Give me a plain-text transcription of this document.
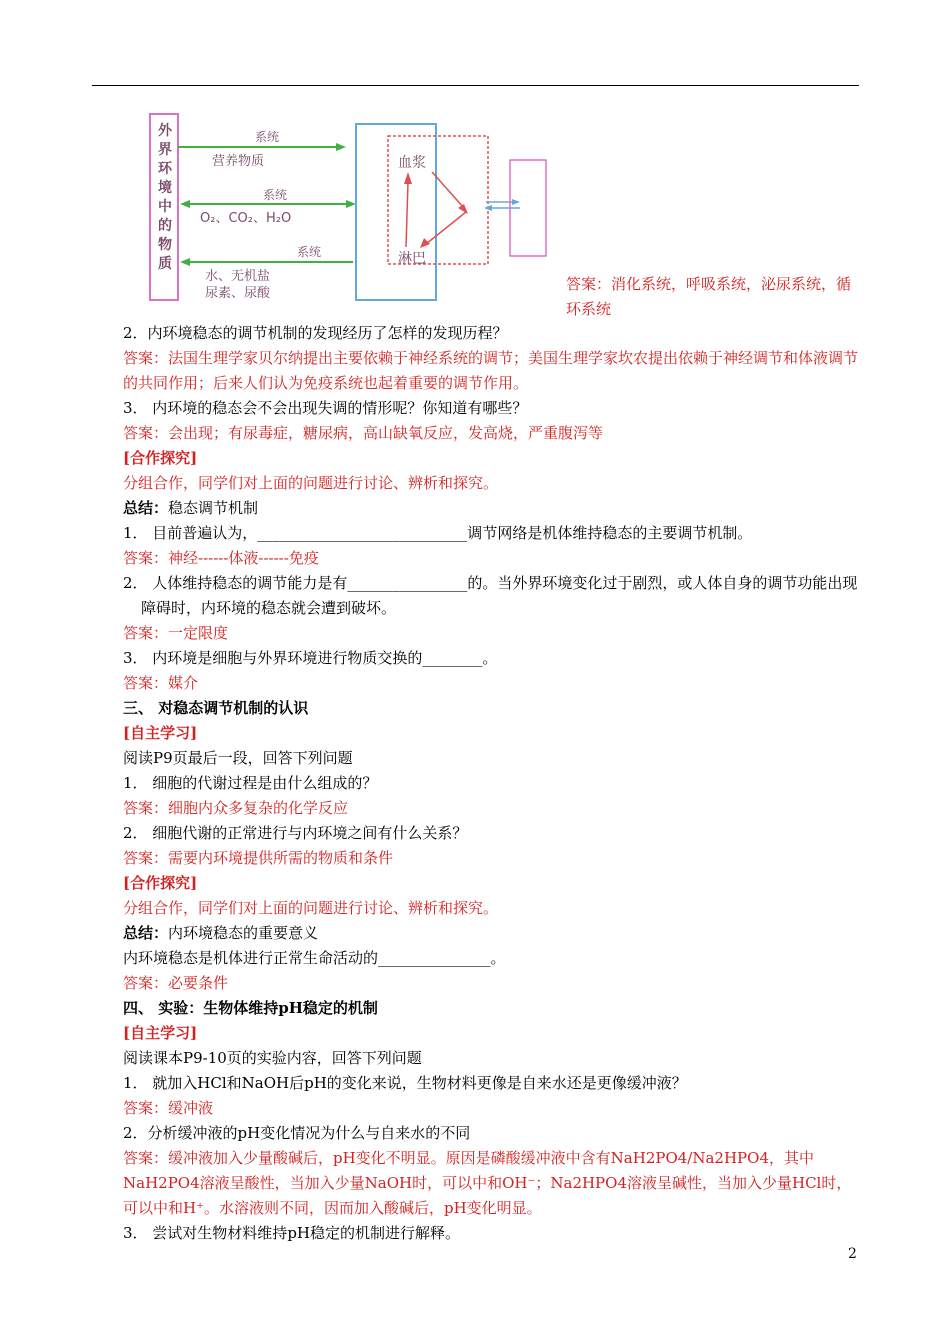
外界环境中的物质
系统
营养物质
系统
O₂、CO₂、H₂O
系统
水、无机盐
尿素、尿酸
血浆
淋巴
答案：消化系统，呼吸系统，泌尿系统，循环系统
2．内环境稳态的调节机制的发现经历了怎样的发现历程？
答案：法国生理学家贝尔纳提出主要依赖于神经系统的调节；美国生理学家坎农提出依赖于神经调节和体液调节的共同作用；后来人们认为免疫系统也起着重要的调节作用。
3． 内环境的稳态会不会出现失调的情形呢？你知道有哪些？
答案：会出现；有尿毒症，糖尿病，高山缺氧反应，发高烧，严重腹泻等
[合作探究]
分组合作，同学们对上面的问题进行讨论、辨析和探究。
总结：稳态调节机制
1． 目前普遍认为，____________________________调节网络是机体维持稳态的主要调节机制。
答案：神经------体液------免疫
2． 人体维持稳态的调节能力是有________________的。当外界环境变化过于剧烈，或人体自身的调节功能出现障碍时，内环境的稳态就会遭到破坏。
答案：一定限度
3． 内环境是细胞与外界环境进行物质交换的________。
答案：媒介
三、 对稳态调节机制的认识
[自主学习]
阅读P9页最后一段，回答下列问题
1． 细胞的代谢过程是由什么组成的？
答案：细胞内众多复杂的化学反应
2． 细胞代谢的正常进行与内环境之间有什么关系？
答案：需要内环境提供所需的物质和条件
[合作探究]
分组合作，同学们对上面的问题进行讨论、辨析和探究。
总结：内环境稳态的重要意义
内环境稳态是机体进行正常生命活动的_______________。
答案：必要条件
四、 实验：生物体维持pH稳定的机制
[自主学习]
阅读课本P9-10页的实验内容，回答下列问题
1． 就加入HCl和NaOH后pH的变化来说，生物材料更像是自来水还是更像缓冲液？
答案：缓冲液
2．分析缓冲液的pH变化情况为什么与自来水的不同
答案：缓冲液加入少量酸碱后，pH变化不明显。原因是磷酸缓冲液中含有NaH2PO4/Na2HPO4，其中NaH2PO4溶液呈酸性，当加入少量NaOH时，可以中和OH⁻；Na2HPO4溶液呈碱性，当加入少量HCl时，可以中和H⁺。水溶液则不同，因而加入酸碱后，pH变化明显。
3． 尝试对生物材料维持pH稳定的机制进行解释。
2
